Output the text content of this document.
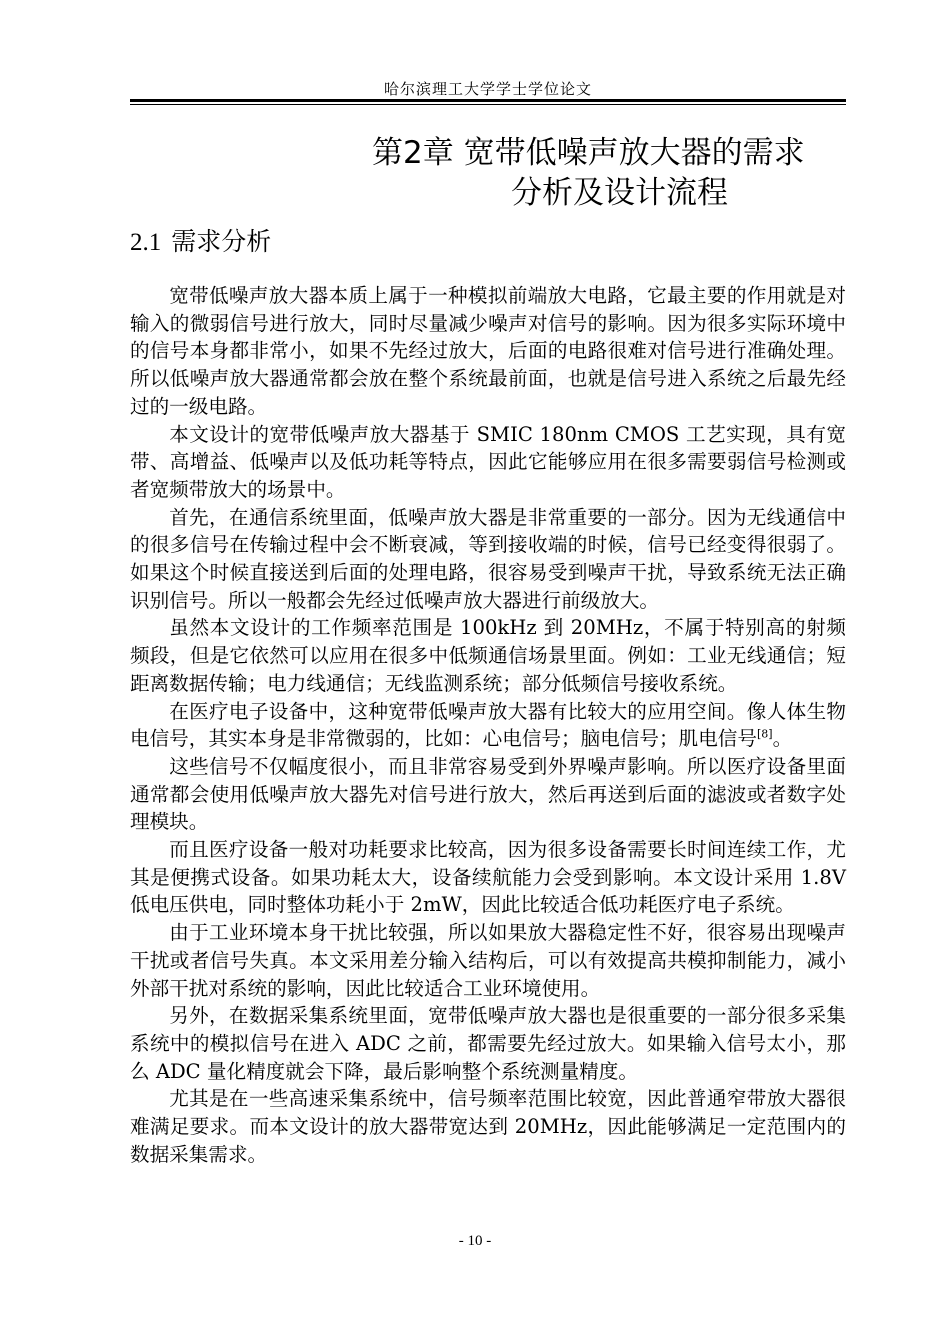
哈尔滨理工大学学士学位论文
第2章 宽带低噪声放大器的需求
分析及设计流程
2.1 需求分析

宽带低噪声放大器本质上属于一种模拟前端放大电路，它最主要的作用就是对输入的微弱信号进行放大，同时尽量减少噪声对信号的影响。因为很多实际环境中的信号本身都非常小，如果不先经过放大，后面的电路很难对信号进行准确处理。所以低噪声放大器通常都会放在整个系统最前面，也就是信号进入系统之后最先经过的一级电路。

本文设计的宽带低噪声放大器基于 SMIC 180nm CMOS 工艺实现，具有宽带、高增益、低噪声以及低功耗等特点，因此它能够应用在很多需要弱信号检测或者宽频带放大的场景中。

首先，在通信系统里面，低噪声放大器是非常重要的一部分。因为无线通信中的很多信号在传输过程中会不断衰减，等到接收端的时候，信号已经变得很弱了。如果这个时候直接送到后面的处理电路，很容易受到噪声干扰，导致系统无法正确识别信号。所以一般都会先经过低噪声放大器进行前级放大。

虽然本文设计的工作频率范围是 100kHz 到 20MHz，不属于特别高的射频频段，但是它依然可以应用在很多中低频通信场景里面。例如：工业无线通信；短距离数据传输；电力线通信；无线监测系统；部分低频信号接收系统。

在医疗电子设备中，这种宽带低噪声放大器有比较大的应用空间。像人体生物电信号，其实本身是非常微弱的，比如：心电信号；脑电信号；肌电信号[8]。

这些信号不仅幅度很小，而且非常容易受到外界噪声影响。所以医疗设备里面通常都会使用低噪声放大器先对信号进行放大，然后再送到后面的滤波或者数字处理模块。

而且医疗设备一般对功耗要求比较高，因为很多设备需要长时间连续工作，尤其是便携式设备。如果功耗太大，设备续航能力会受到影响。本文设计采用 1.8V 低电压供电，同时整体功耗小于 2mW，因此比较适合低功耗医疗电子系统。

由于工业环境本身干扰比较强，所以如果放大器稳定性不好，很容易出现噪声干扰或者信号失真。本文采用差分输入结构后，可以有效提高共模抑制能力，减小外部干扰对系统的影响，因此比较适合工业环境使用。

另外，在数据采集系统里面，宽带低噪声放大器也是很重要的一部分很多采集系统中的模拟信号在进入 ADC 之前，都需要先经过放大。如果输入信号太小，那么 ADC 量化精度就会下降，最后影响整个系统测量精度。

尤其是在一些高速采集系统中，信号频率范围比较宽，因此普通窄带放大器很难满足要求。而本文设计的放大器带宽达到 20MHz，因此能够满足一定范围内的数据采集需求。

- 10 -
